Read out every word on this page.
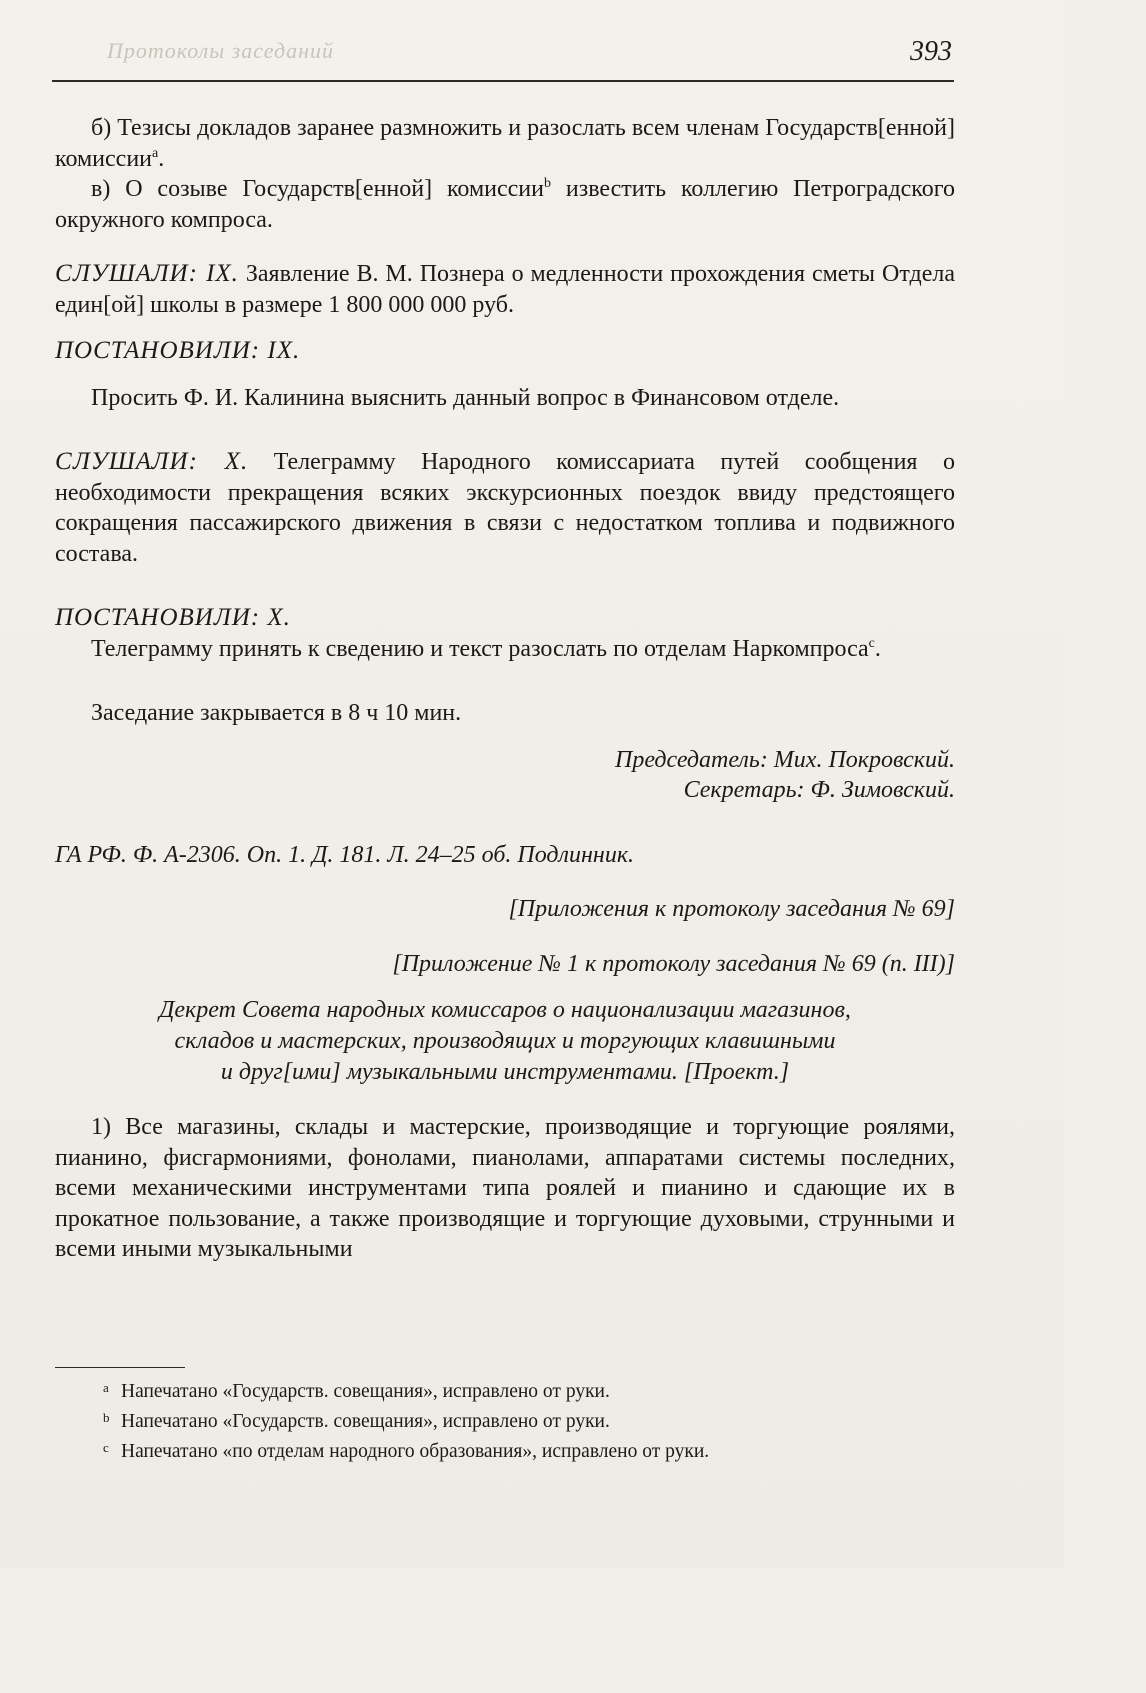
Протоколы заседаний	393

б) Тезисы докладов заранее размножить и разослать всем членам Государств[енной] комиссии$^a$.

в) О созыве Государств[енной] комиссии$^b$ известить коллегию Петроградского окружного компроса.

СЛУШАЛИ: IX. Заявление В. М. Познера о медленности прохождения сметы Отдела един[ой] школы в размере 1 800 000 000 руб.

ПОСТАНОВИЛИ: IX.

Просить Ф. И. Калинина выяснить данный вопрос в Финансовом отделе.

СЛУШАЛИ: X. Телеграмму Народного комиссариата путей сообщения о необходимости прекращения всяких экскурсионных поездок ввиду предстоящего сокращения пассажирского движения в связи с недостатком топлива и подвижного состава.

ПОСТАНОВИЛИ: X.

Телеграмму принять к сведению и текст разослать по отделам Наркомпроса$^c$.

Заседание закрывается в 8 ч 10 мин.

Председатель: Мих. Покровский.

Секретарь: Ф. Зимовский.

ГА РФ. Ф. А-2306. Оп. 1. Д. 181. Л. 24–25 об. Подлинник.

[Приложения к протоколу заседания № 69]

[Приложение № 1 к протоколу заседания № 69 (п. III)]

Декрет Совета народных комиссаров о национализации магазинов,
складов и мастерских, производящих и торгующих клавишными
и друг[ими] музыкальными инструментами. [Проект.]

1) Все магазины, склады и мастерские, производящие и торгующие роялями, пианино, фисгармониями, фонолами, пианолами, аппаратами системы последних, всеми механическими инструментами типа роялей и пианино и сдающие их в прокатное пользование, а также производящие и торгующие духовыми, струнными и всеми иными музыкальными

a Напечатано «Государств. совещания», исправлено от руки.
b Напечатано «Государств. совещания», исправлено от руки.
c Напечатано «по отделам народного образования», исправлено от руки.
